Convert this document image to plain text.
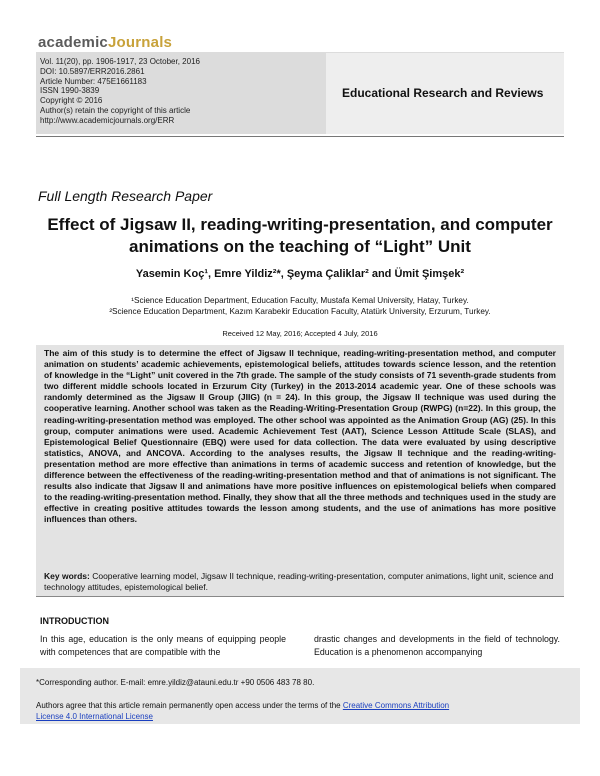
academicJournals
Vol. 11(20), pp. 1906-1917, 23 October, 2016
DOI: 10.5897/ERR2016.2861
Article Number: 475E1661183
ISSN 1990-3839
Copyright © 2016
Author(s) retain the copyright of this article
http://www.academicjournals.org/ERR
Educational Research and Reviews
Full Length Research Paper
Effect of Jigsaw II, reading-writing-presentation, and computer animations on the teaching of “Light” Unit
Yasemin Koç¹, Emre Yildiz²*, Şeyma Çaliklar² and Ümit Şimşek²
¹Science Education Department, Education Faculty, Mustafa Kemal University, Hatay, Turkey.
²Science Education Department, Kazım Karabekir Education Faculty, Atatürk University, Erzurum, Turkey.
Received 12 May, 2016; Accepted 4 July, 2016

The aim of this study is to determine the effect of Jigsaw II technique, reading-writing-presentation method, and computer animation on students’ academic achievements, epistemological beliefs, attitudes towards science lesson, and the retention of knowledge in the “Light” unit covered in the 7th grade. The sample of the study consists of 71 seventh-grade students from two different middle schools located in Erzurum City (Turkey) in the 2013-2014 academic year. One of these schools was randomly determined as the Jigsaw II Group (JIIG) (n = 24). In this group, the Jigsaw II technique was used during the cooperative learning. Another school was taken as the Reading-Writing-Presentation Group (RWPG) (n=22). In this group, the reading-writing-presentation method was employed. The other school was appointed as the Animation Group (AG) (25). In this group, computer animations were used. Academic Achievement Test (AAT), Science Lesson Attitude Scale (SLAS), and Epistemological Belief Questionnaire (EBQ) were used for data collection. The data were evaluated by using descriptive statistics, ANOVA, and ANCOVA. According to the analyses results, the Jigsaw II technique and the reading-writing-presentation method are more effective than animations in terms of academic success and retention of knowledge, but the difference between the effectiveness of the reading-writing-presentation method and that of animations is not significant. The results also indicate that Jigsaw II and animations have more positive influences on epistemological beliefs when compared to the reading-writing-presentation method. Finally, they show that all the three methods and techniques used in the study are effective in creating positive attitudes towards the lesson among students, and the use of animations has more positive influences than others.

Key words: Cooperative learning model, Jigsaw II technique, reading-writing-presentation, computer animations, light unit, science and technology attitudes, epistemological belief.

INTRODUCTION
In this age, education is the only means of equipping people with competences that are compatible with the
drastic changes and developments in the field of technology. Education is a phenomenon accompanying
*Corresponding author. E-mail: emre.yildiz@atauni.edu.tr +90 0506 483 78 80.
Authors agree that this article remain permanently open access under the terms of the Creative Commons Attribution
License 4.0 International License
